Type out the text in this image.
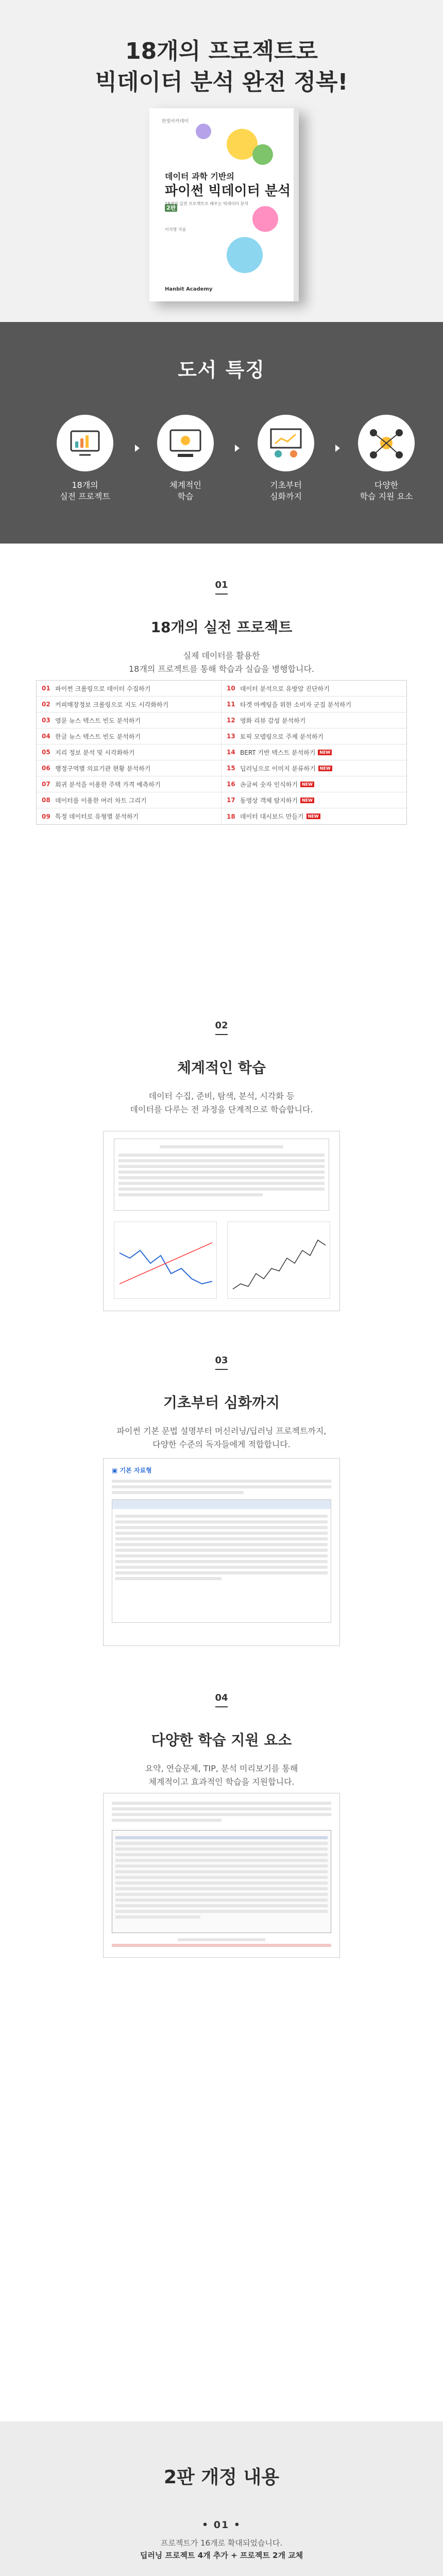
18개의 프로젝트로
빅데이터 분석 완전 정복!
한빛아카데미
데이터 과학 기반의
파이썬 빅데이터 분석 2판
18개의 실전 프로젝트로 배우는 빅데이터 분석
이지영 지음
Hanbit Academy
도서 특징
18개의
실전 프로젝트
체계적인
학습
기초부터
심화까지
다양한
학습 지원 요소
01
18개의 실전 프로젝트
실제 데이터를 활용한
18개의 프로젝트를 통해 학습과 실습을 병행합니다.
01 파이썬 크롤링으로 데이터 수집하기	10 데이터 분석으로 유방암 진단하기
02 커피매장정보 크롤링으로 지도 시각화하기	11 타겟 마케팅을 위한 소비자 군집 분석하기
03 영문 뉴스 텍스트 빈도 분석하기	12 영화 리뷰 감성 분석하기
04 한글 뉴스 텍스트 빈도 분석하기	13 토픽 모델링으로 주제 분석하기
05 지리 정보 분석 및 시각화하기	14 BERT 기반 텍스트 분석하기	NEW
06 행정구역별 의료기관 현황 분석하기	15 딥러닝으로 이미지 분류하기	NEW
07 회귀 분석을 이용한 주택 가격 예측하기	16 손글씨 숫자 인식하기	NEW
08 데이터를 이용한 여러 차트 그리기	17 동영상 객체 탐지하기	NEW
09 특정 데이터로 유형별 분석하기	18 데이터 대시보드 만들기	NEW
02
체계적인 학습
데이터 수집, 준비, 탐색, 분석, 시각화 등
데이터를 다루는 전 과정을 단계적으로 학습합니다.
03
기초부터 심화까지
파이썬 기본 문법 설명부터 머신러닝/딥러닝 프로젝트까지,
다양한 수준의 독자들에게 적합합니다.
▣ 기본 자료형
04
다양한 학습 지원 요소
요약, 연습문제, TIP, 분석 미리보기를 통해
체계적이고 효과적인 학습을 지원합니다.
2판 개정 내용
• 01 •
프로젝트가 16개로 확대되었습니다.
딥러닝 프로젝트 4개 추가 + 프로젝트 2개 교체
